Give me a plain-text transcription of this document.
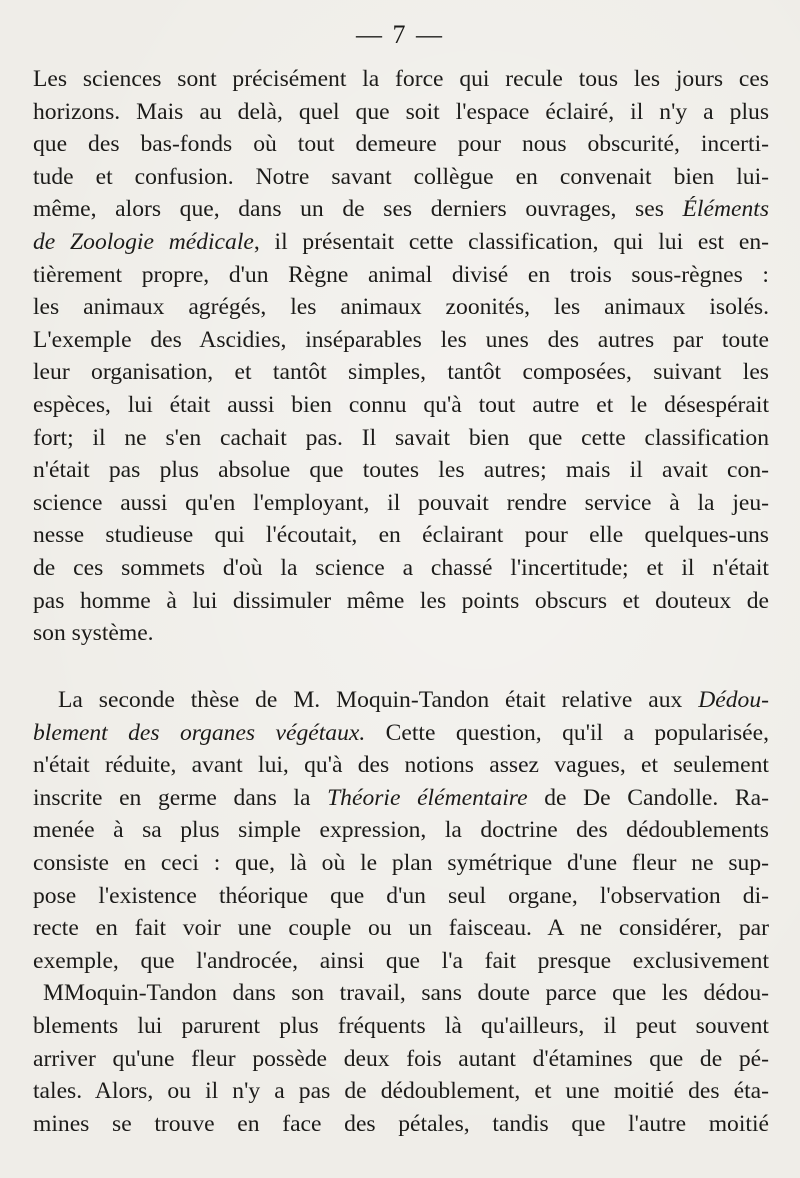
— 7 —
Les sciences sont précisément la force qui recule tous les jours ces
horizons. Mais au delà, quel que soit l'espace éclairé, il n'y a plus
que des bas-fonds où tout demeure pour nous obscurité, incerti-
tude et confusion. Notre savant collègue en convenait bien lui-
même, alors que, dans un de ses derniers ouvrages, ses Éléments
de Zoologie médicale, il présentait cette classification, qui lui est en-
tièrement propre, d'un Règne animal divisé en trois sous-règnes :
les animaux agrégés, les animaux zoonités, les animaux isolés.
L'exemple des Ascidies, inséparables les unes des autres par toute
leur organisation, et tantôt simples, tantôt composées, suivant les
espèces, lui était aussi bien connu qu'à tout autre et le désespérait
fort; il ne s'en cachait pas. Il savait bien que cette classification
n'était pas plus absolue que toutes les autres; mais il avait con-
science aussi qu'en l'employant, il pouvait rendre service à la jeu-
nesse studieuse qui l'écoutait, en éclairant pour elle quelques-uns
de ces sommets d'où la science a chassé l'incertitude; et il n'était
pas homme à lui dissimuler même les points obscurs et douteux de
son système.
La seconde thèse de M. Moquin-Tandon était relative aux Dédou-
blement des organes végétaux. Cette question, qu'il a popularisée,
n'était réduite, avant lui, qu'à des notions assez vagues, et seulement
inscrite en germe dans la Théorie élémentaire de De Candolle. Ra-
menée à sa plus simple expression, la doctrine des dédoublements
consiste en ceci : que, là où le plan symétrique d'une fleur ne sup-
pose l'existence théorique que d'un seul organe, l'observation di-
recte en fait voir une couple ou un faisceau. A ne considérer, par
exemple, que l'androcée, ainsi que l'a fait presque exclusivement
MMoquin-Tandon dans son travail, sans doute parce que les dédou-
blements lui parurent plus fréquents là qu'ailleurs, il peut souvent
arriver qu'une fleur possède deux fois autant d'étamines que de pé-
tales. Alors, ou il n'y a pas de dédoublement, et une moitié des éta-
mines se trouve en face des pétales, tandis que l'autre moitié
